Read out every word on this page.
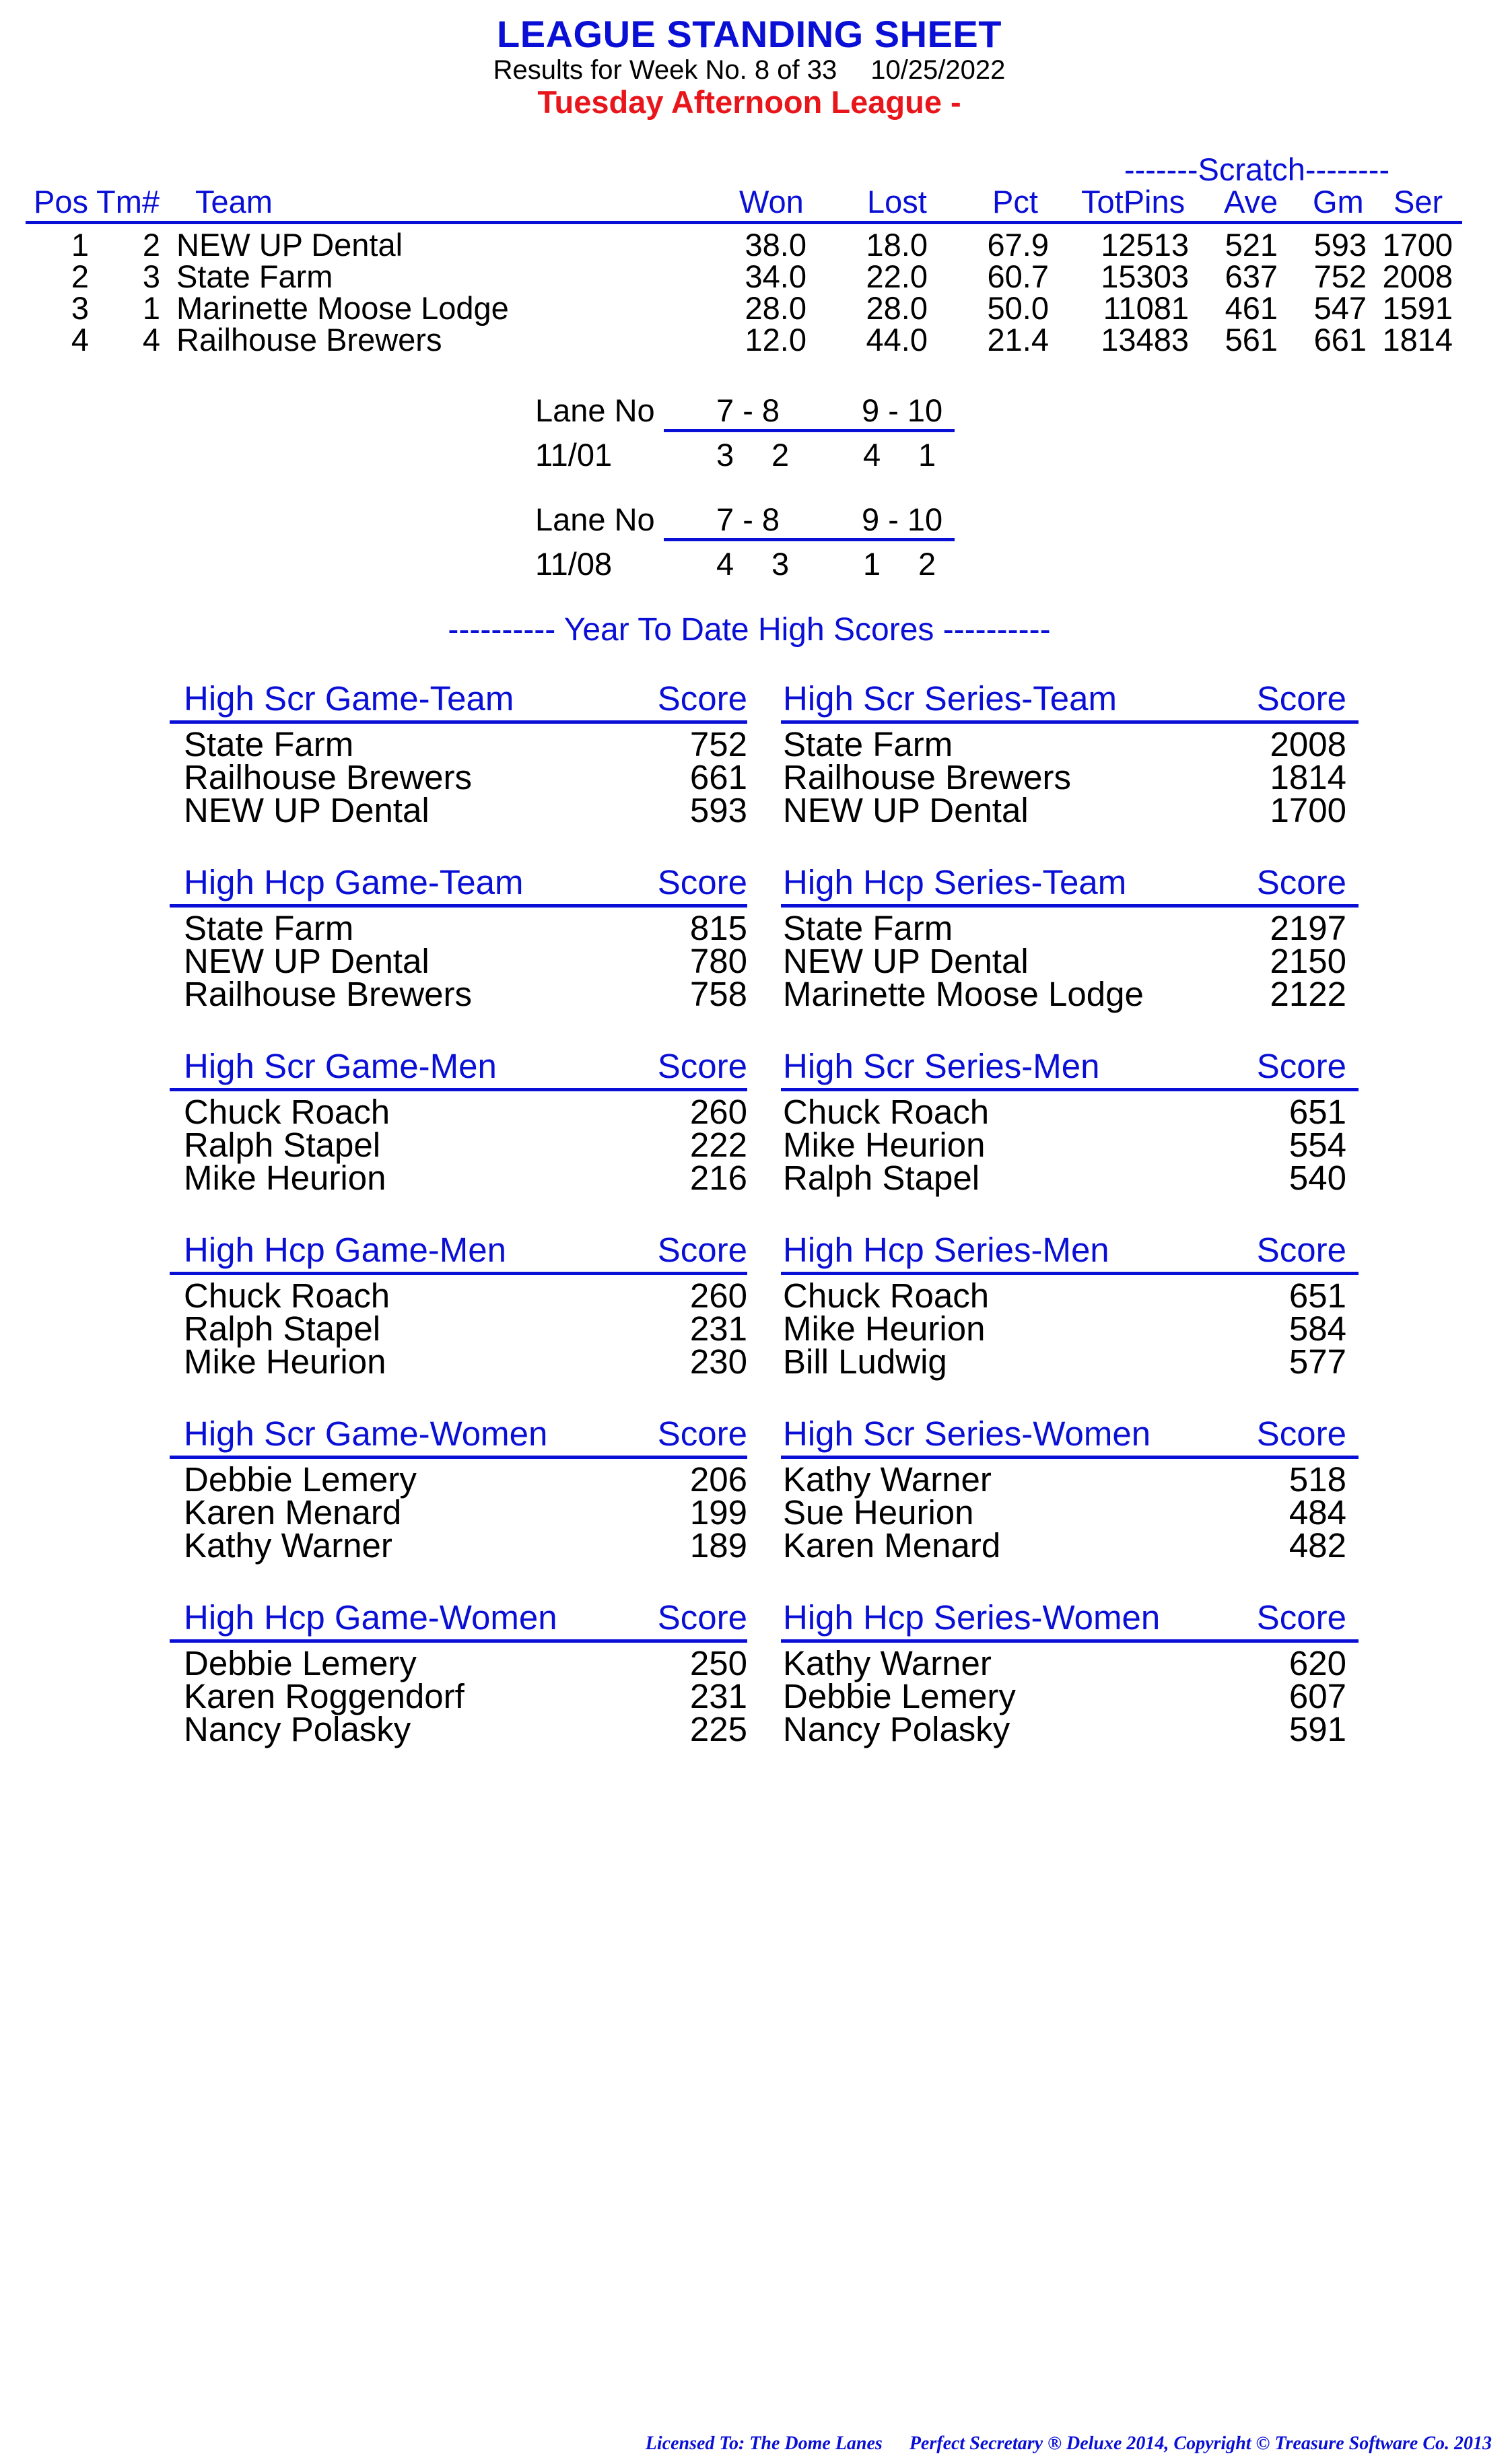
LEAGUE STANDING SHEET
Results for Week No. 8 of 33 10/25/2022
Tuesday Afternoon League -
-------Scratch--------
Pos Tm# Team	Won Lost Pct TotPins Ave Gm Ser
1 2 NEW UP Dental	38.0 18.0 67.9 12513 521 593 1700
2 3 State Farm	34.0 22.0 60.7 15303 637 752 2008
3 1 Marinette Moose Lodge	28.0 28.0 50.0 11081 461 547 1591
4 4 Railhouse Brewers	12.0 44.0 21.4 13483 561 661 1814
Lane No 7 - 8	9 - 10
11/01	3 2 4 1
Lane No 7 - 8	9 - 10
11/08	4 3 1 2
---------- Year To Date High Scores ----------
High Scr Game-Team	Score
State Farm	752
Railhouse Brewers	661
NEW UP Dental	593
High Scr Series-Team	Score
State Farm	2008
Railhouse Brewers	1814
NEW UP Dental	1700
High Hcp Game-Team	Score
State Farm	815
NEW UP Dental	780
Railhouse Brewers	758
High Hcp Series-Team	Score
State Farm	2197
NEW UP Dental	2150
Marinette Moose Lodge	2122
High Scr Game-Men	Score
Chuck Roach	260
Ralph Stapel	222
Mike Heurion	216
High Scr Series-Men	Score
Chuck Roach	651
Mike Heurion	554
Ralph Stapel	540
High Hcp Game-Men	Score
Chuck Roach	260
Ralph Stapel	231
Mike Heurion	230
High Hcp Series-Men	Score
Chuck Roach	651
Mike Heurion	584
Bill Ludwig	577
High Scr Game-Women	Score
Debbie Lemery	206
Karen Menard	199
Kathy Warner	189
High Scr Series-Women	Score
Kathy Warner	518
Sue Heurion	484
Karen Menard	482
High Hcp Game-Women	Score
Debbie Lemery	250
Karen Roggendorf	231
Nancy Polasky	225
High Hcp Series-Women	Score
Kathy Warner	620
Debbie Lemery	607
Nancy Polasky	591
Licensed To: The Dome Lanes Perfect Secretary ® Deluxe 2014, Copyright © Treasure Software Co. 2013
